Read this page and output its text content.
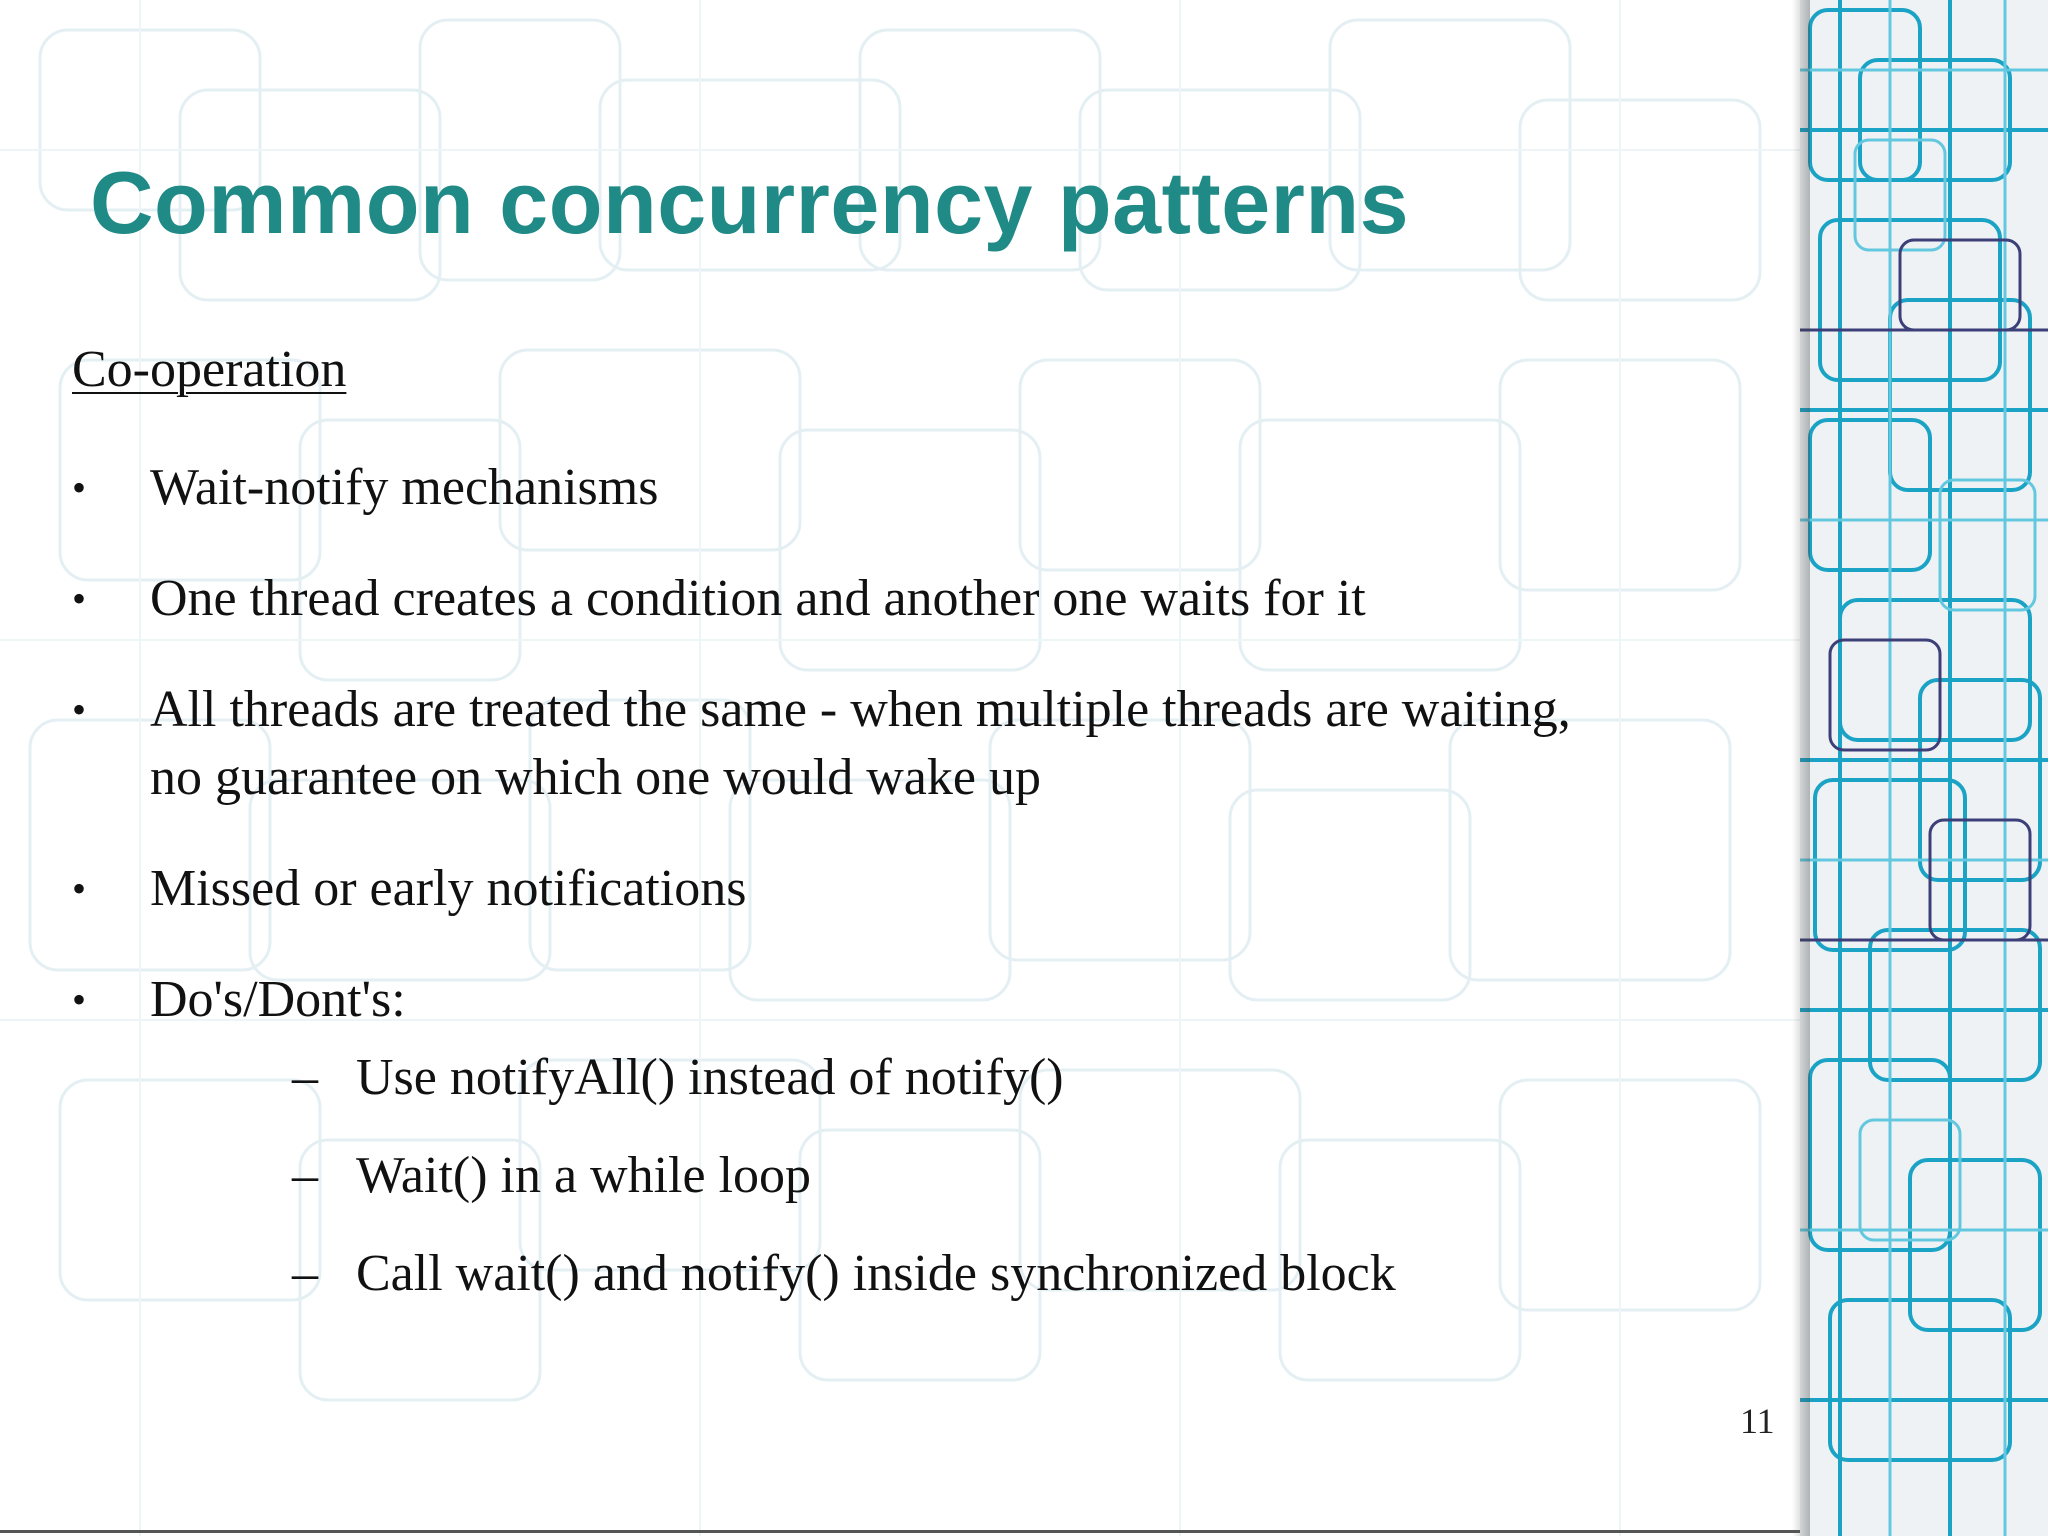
Common concurrency patterns
Co-operation
•	Wait-notify mechanisms
•	One thread creates a condition and another one waits for it
•	All threads are treated the same - when multiple threads are waiting,
no guarantee on which one would wake up
•	Missed or early notifications
•	Do's/Dont's:
– Use notifyAll() instead of notify()
– Wait() in a while loop
– Call wait() and notify() inside synchronized block
11
